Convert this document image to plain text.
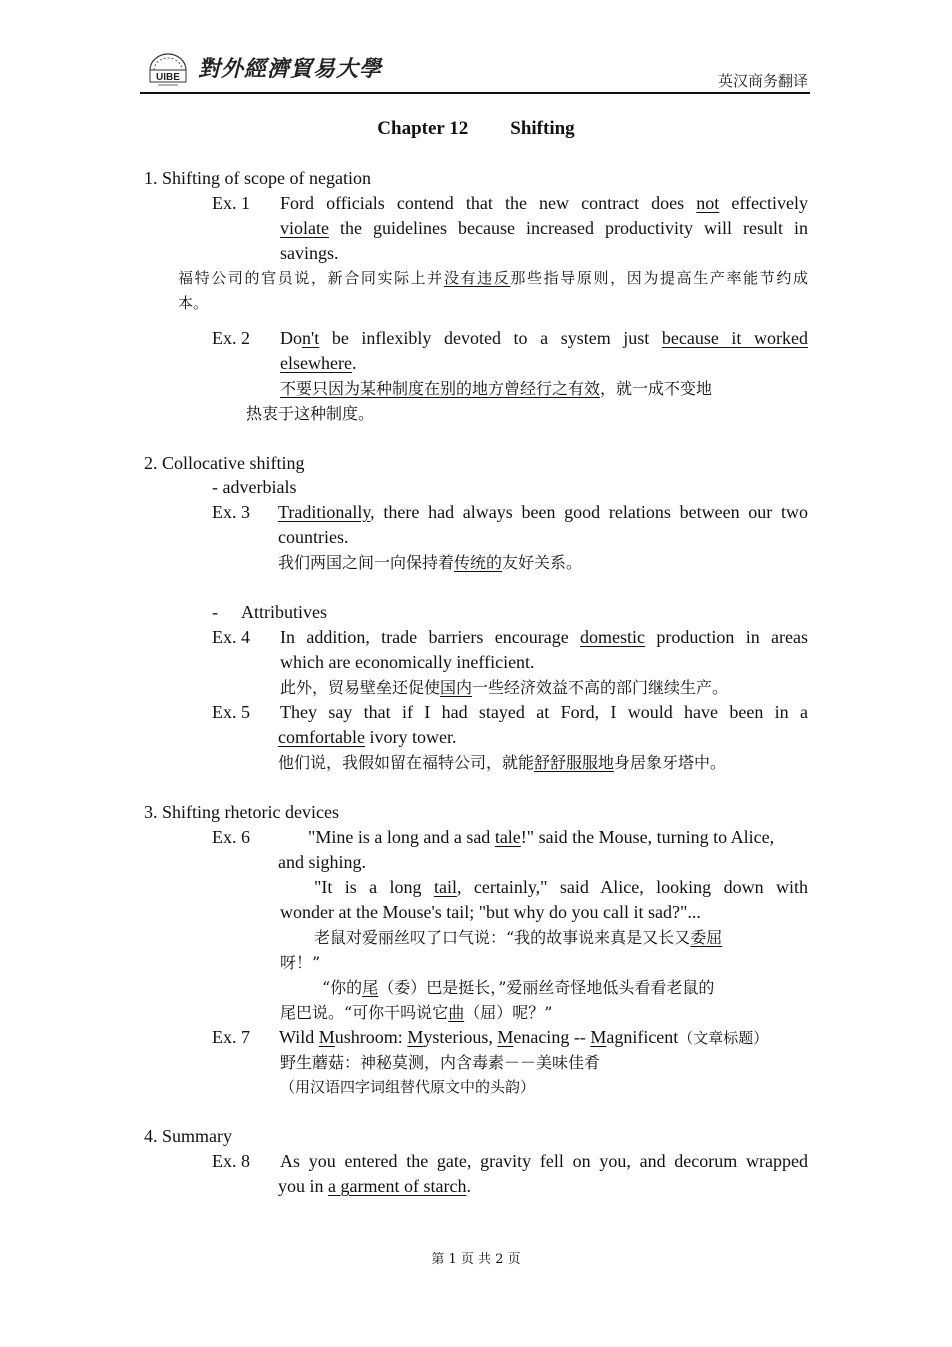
UIBE 對外經濟貿易大學	英汉商务翻译
Chapter 12 Shifting
1. Shifting of scope of negation
Ex. 1 Ford officials contend that the new contract does not effectively
violate the guidelines because increased productivity will result in
savings.
福特公司的官员说，新合同实际上并没有违反那些指导原则，因为提高生产率能节约成
本。
Ex. 2 Don't be inflexibly devoted to a system just because it worked
elsewhere.
不要只因为某种制度在别的地方曾经行之有效，就一成不变地
热衷于这种制度。
2. Collocative shifting
- adverbials
Ex. 3 Traditionally, there had always been good relations between our two
countries.
我们两国之间一向保持着传统的友好关系。
- Attributives
Ex. 4 In addition, trade barriers encourage domestic production in areas
which are economically inefficient.
此外，贸易壁垒还促使国内一些经济效益不高的部门继续生产。
Ex. 5 They say that if I had stayed at Ford, I would have been in a
comfortable ivory tower.
他们说，我假如留在福特公司，就能舒舒服服地身居象牙塔中。
3. Shifting rhetoric devices
Ex. 6	"Mine is a long and a sad tale!" said the Mouse, turning to Alice,
and sighing.
"It is a long tail, certainly," said Alice, looking down with
wonder at the Mouse's tail; "but why do you call it sad?"...
老鼠对爱丽丝叹了口气说：“我的故事说来真是又长又委屈
呀！”
“你的尾（委）巴是挺长，”爱丽丝奇怪地低头看看老鼠的
尾巴说。“可你干吗说它曲（屈）呢？”
Ex. 7 Wild Mushroom: Mysterious, Menacing -- Magnificent（文章标题）
野生蘑菇：神秘莫测，内含毒素－－美味佳肴
（用汉语四字词组替代原文中的头韵）
4. Summary
Ex. 8 As you entered the gate, gravity fell on you, and decorum wrapped
you in a garment of starch.
第 1 页 共 2 页
